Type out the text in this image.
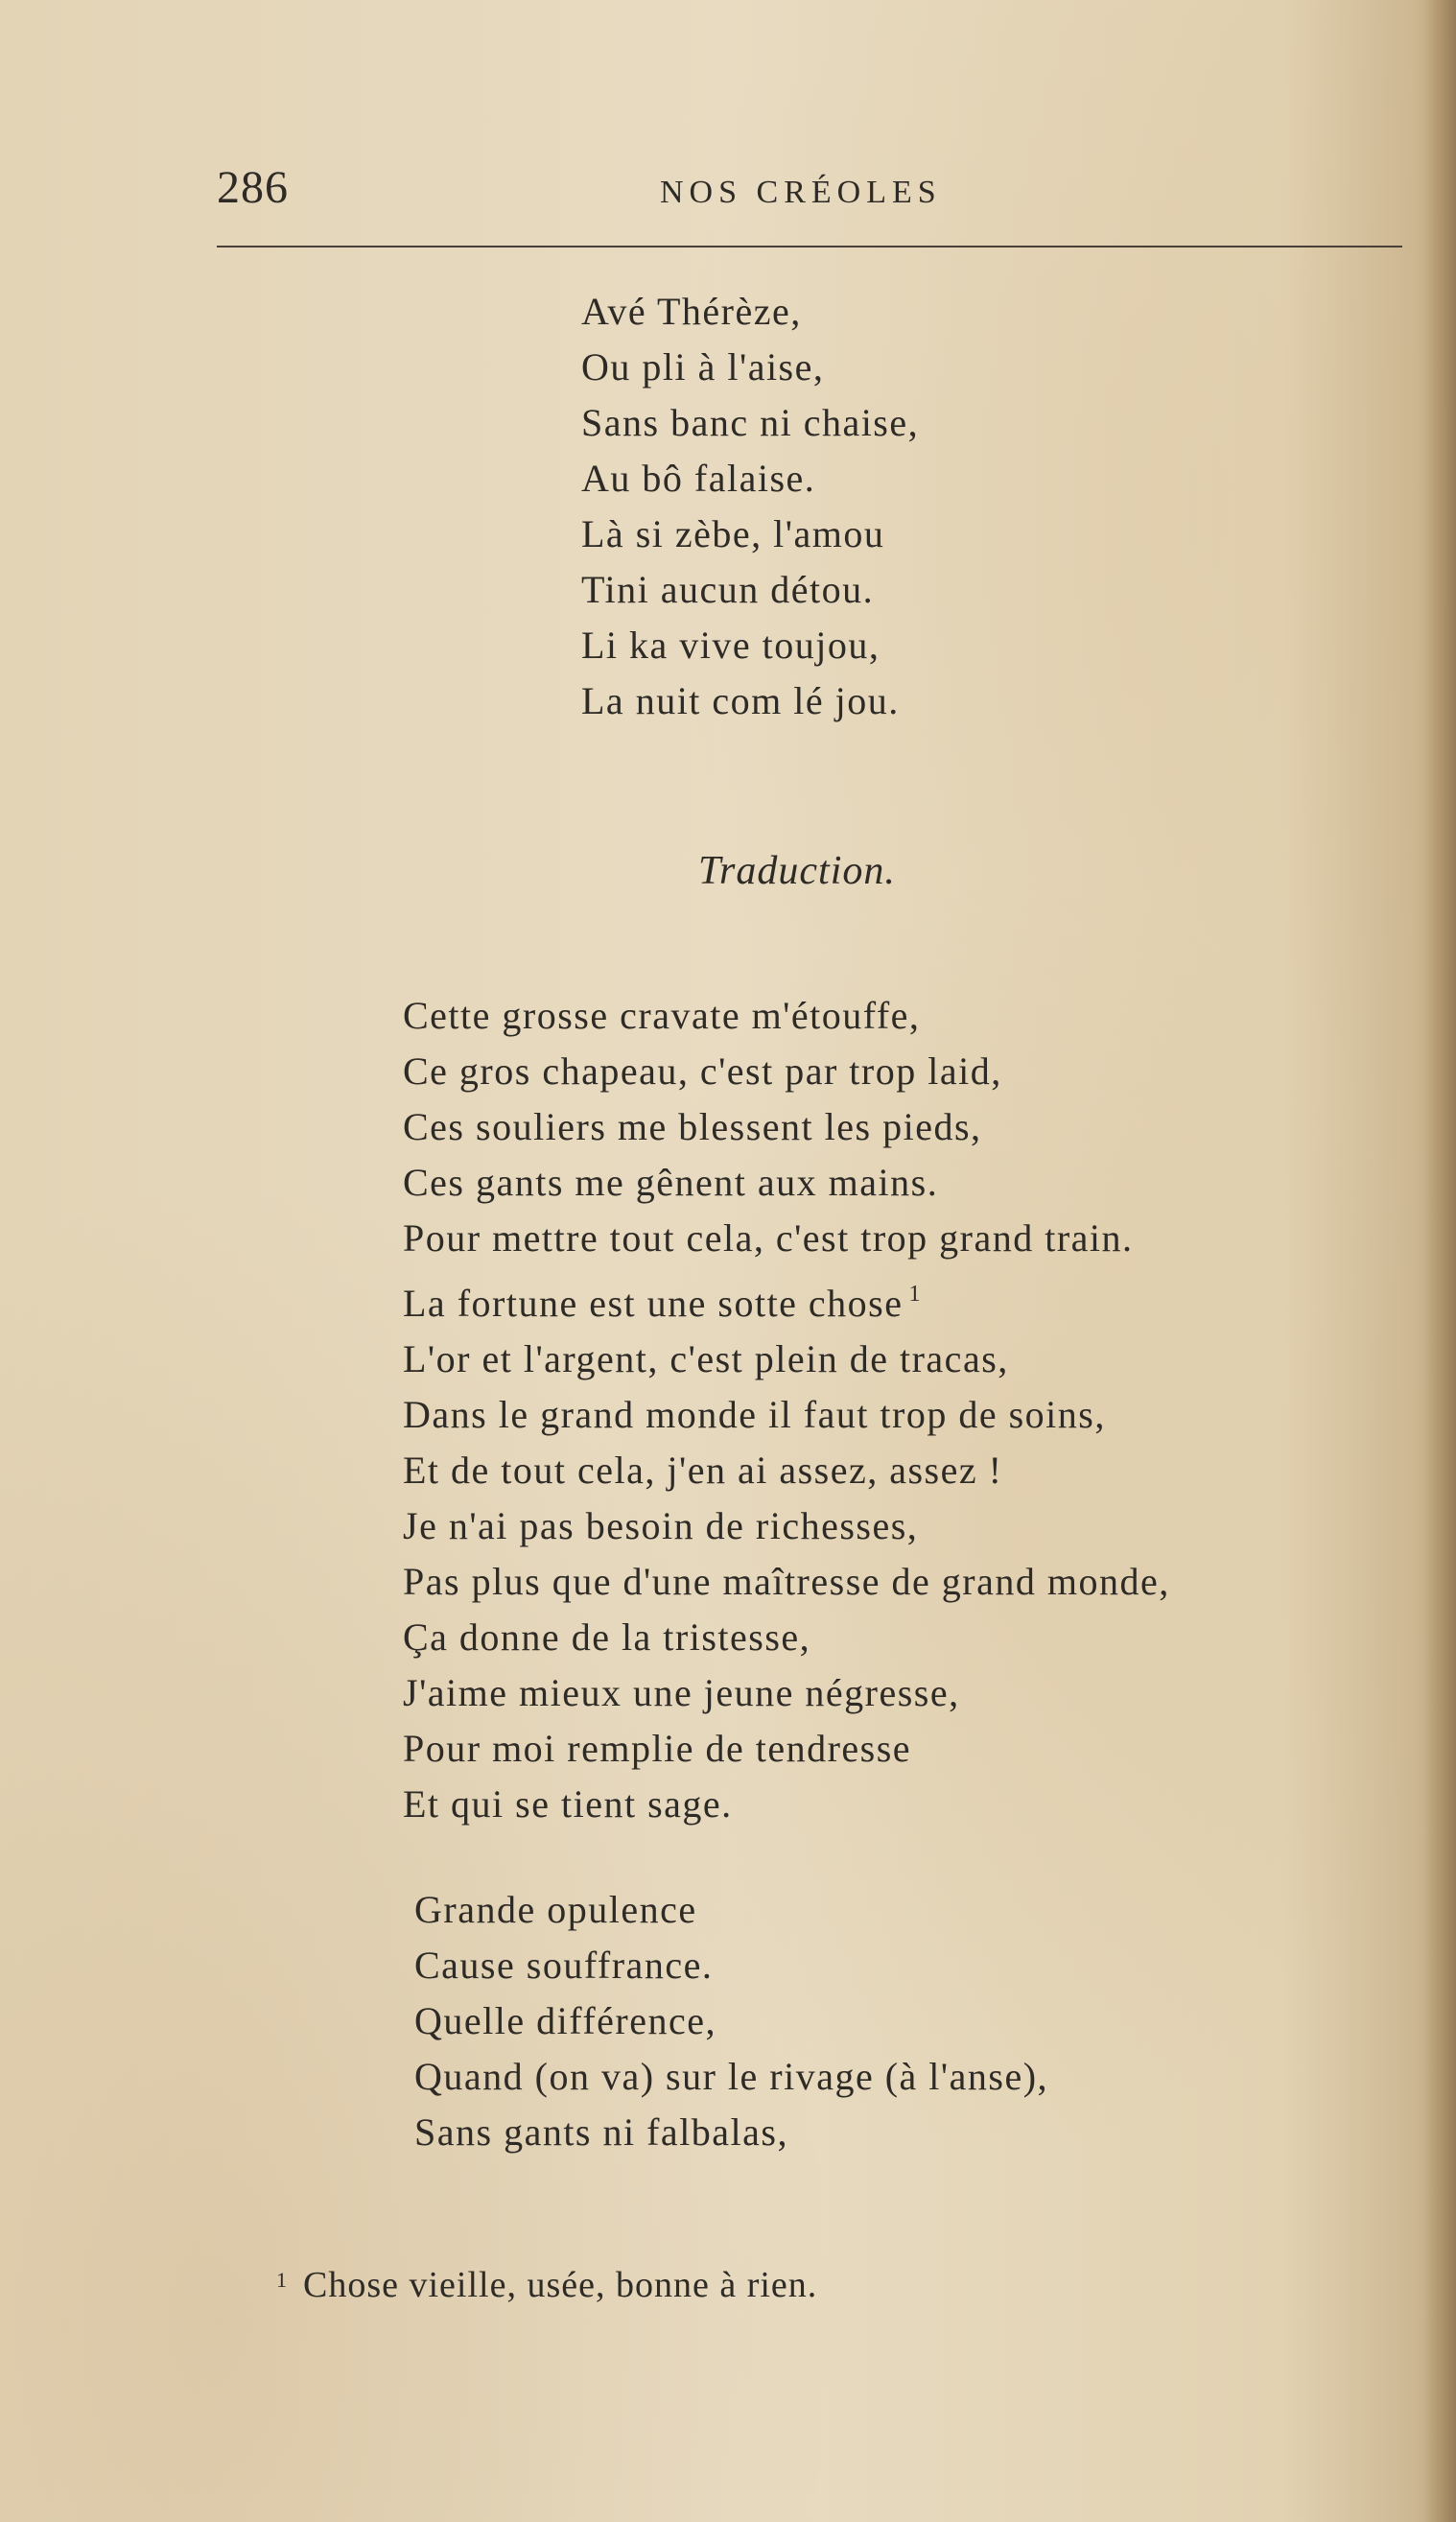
286	NOS CRÉOLES
Avé Thérèze,
Ou pli à l'aise,
Sans banc ni chaise,
Au bô falaise.
Là si zèbe, l'amou
Tini aucun détou.
Li ka vive toujou,
La nuit com lé jou.
Traduction.
Cette grosse cravate m'étouffe,
Ce gros chapeau, c'est par trop laid,
Ces souliers me blessent les pieds,
Ces gants me gênent aux mains.
Pour mettre tout cela, c'est trop grand train.
La fortune est une sotte chose $^1$
L'or et l'argent, c'est plein de tracas,
Dans le grand monde il faut trop de soins,
Et de tout cela, j'en ai assez, assez !
Je n'ai pas besoin de richesses,
Pas plus que d'une maîtresse de grand monde,
Ça donne de la tristesse,
J'aime mieux une jeune négresse,
Pour moi remplie de tendresse
Et qui se tient sage.
Grande opulence
Cause souffrance.
Quelle différence,
Quand (on va) sur le rivage (à l'anse),
Sans gants ni falbalas,
$^1$ Chose vieille, usée, bonne à rien.
